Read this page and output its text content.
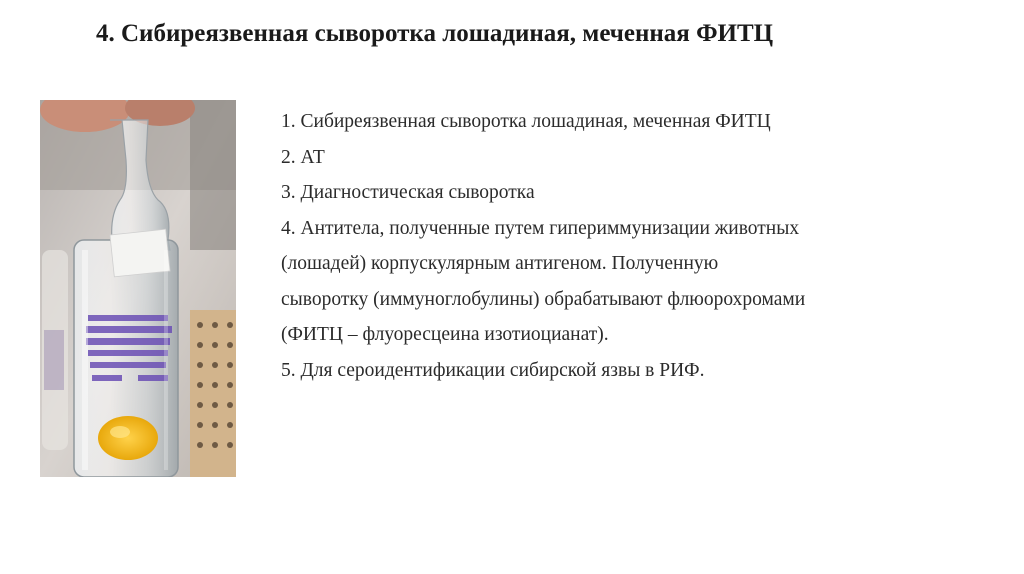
4. Сибиреязвенная сыворотка лошадиная, меченная ФИТЦ

1. Сибиреязвенная сыворотка лошадиная, меченная ФИТЦ

2. АТ

3. Диагностическая сыворотка

4. Антитела, полученные путем гипериммунизации животных

(лошадей) корпускулярным антигеном. Полученную

сыворотку (иммуноглобулины) обрабатывают флюорохромами

(ФИТЦ – флуоресцеина изотиоцианат).

5. Для сероидентификации сибирской язвы в РИФ.
